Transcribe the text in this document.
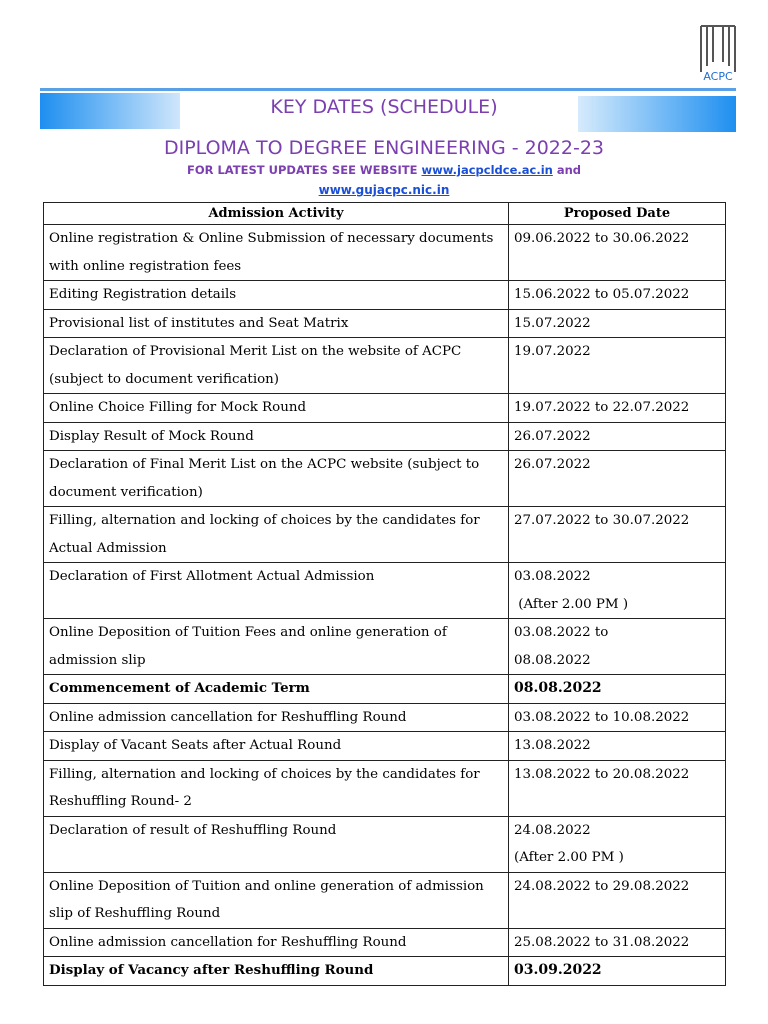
ACPC
KEY DATES (SCHEDULE)
DIPLOMA TO DEGREE ENGINEERING - 2022-23
FOR LATEST UPDATES SEE WEBSITE www.jacpcldce.ac.in and
www.gujacpc.nic.in
Admission Activity	Proposed Date
Online registration & Online Submission of necessary documents with online registration fees	09.06.2022 to 30.06.2022

Editing Registration details	15.06.2022 to 05.07.2022

Provisional list of institutes and Seat Matrix	15.07.2022

Declaration of Provisional Merit List on the website of ACPC (subject to document verification)	19.07.2022

Online Choice Filling for Mock Round	19.07.2022 to 22.07.2022

Display Result of Mock Round	26.07.2022

Declaration of Final Merit List on the ACPC website (subject to document verification)	26.07.2022

Filling, alternation and locking of choices by the candidates for Actual Admission	27.07.2022 to 30.07.2022

Declaration of First Allotment Actual Admission	03.08.2022
(After 2.00 PM )

Online Deposition of Tuition Fees and online generation of admission slip	03.08.2022 to
08.08.2022

Commencement of Academic Term	08.08.2022

Online admission cancellation for Reshuffling Round	03.08.2022 to 10.08.2022

Display of Vacant Seats after Actual Round	13.08.2022

Filling, alternation and locking of choices by the candidates for Reshuffling Round- 2	13.08.2022 to 20.08.2022

Declaration of result of Reshuffling Round	24.08.2022
(After 2.00 PM )

Online Deposition of Tuition and online generation of admission slip of Reshuffling Round	24.08.2022 to 29.08.2022

Online admission cancellation for Reshuffling Round	25.08.2022 to 31.08.2022

Display of Vacancy after Reshuffling Round	03.09.2022
